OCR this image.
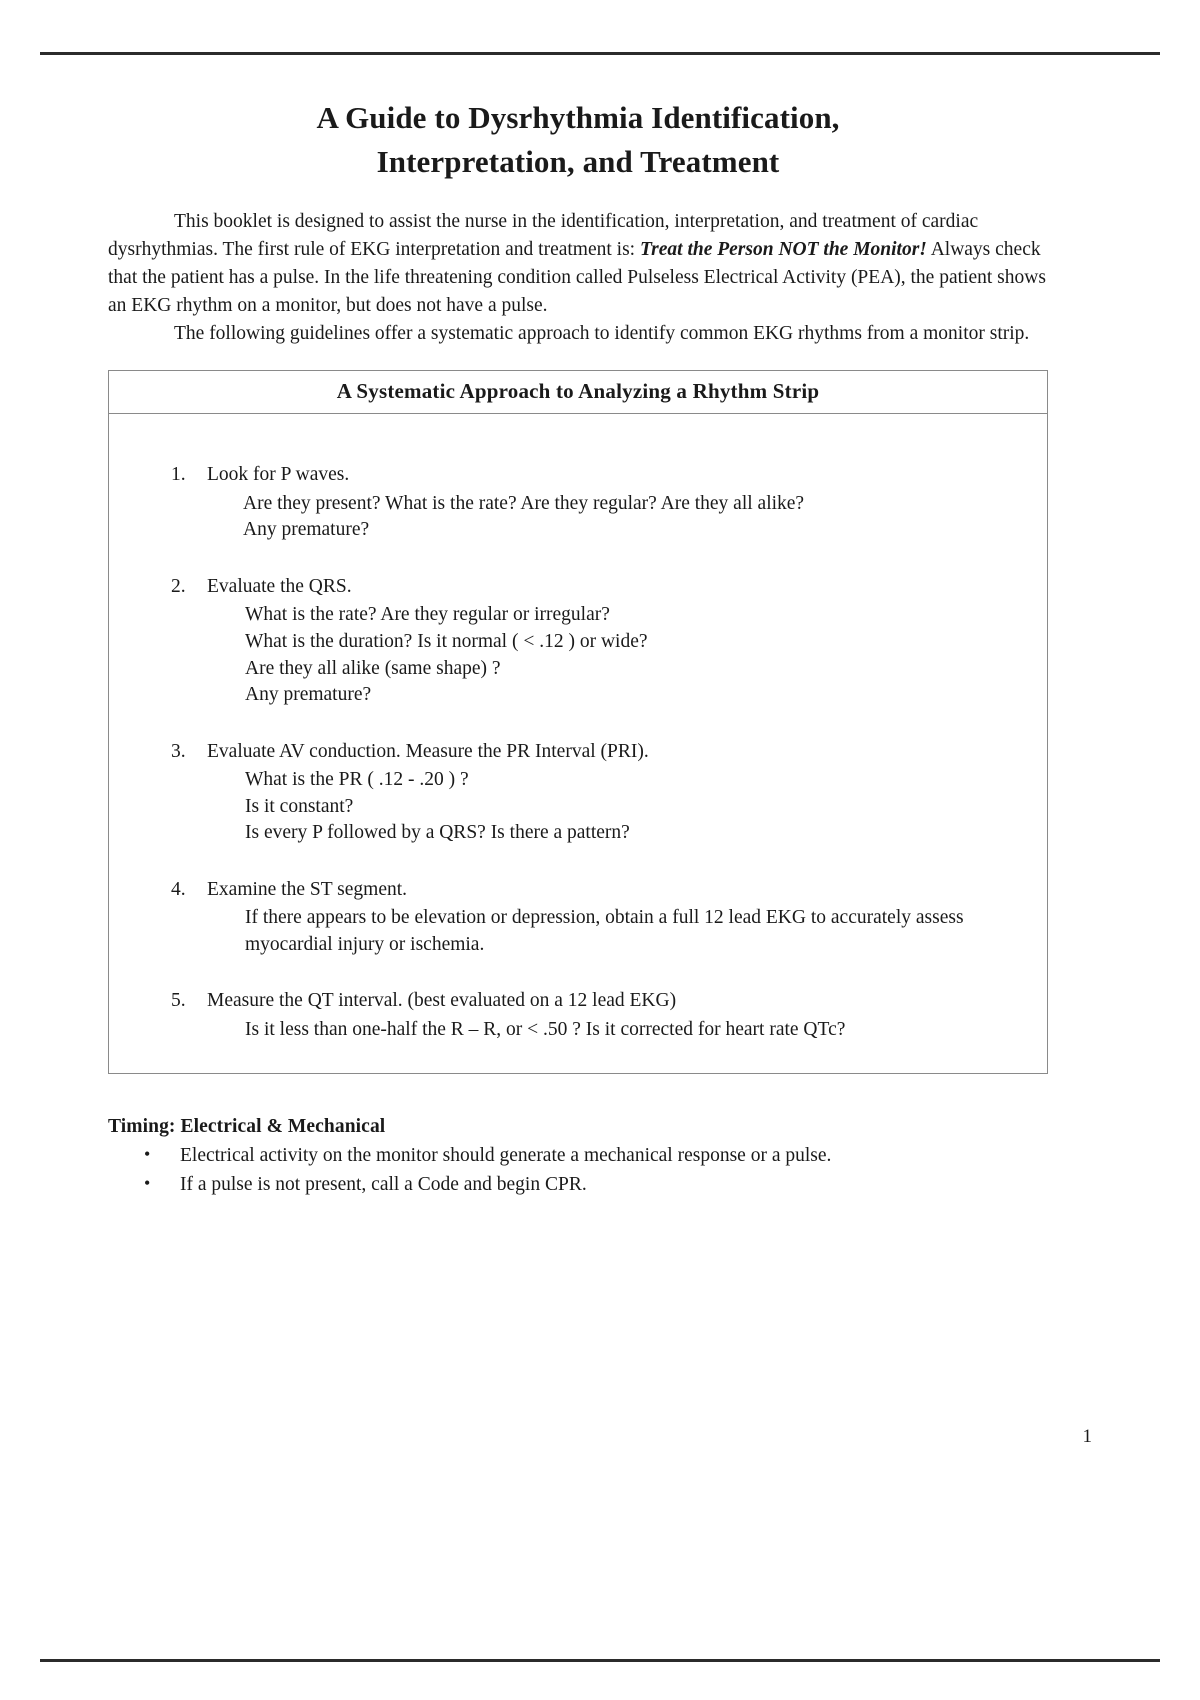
A Guide to Dysrhythmia Identification,
Interpretation, and Treatment

This booklet is designed to assist the nurse in the identification, interpretation, and treatment of cardiac dysrhythmias. The first rule of EKG interpretation and treatment is: Treat the Person NOT the Monitor! Always check that the patient has a pulse. In the life threatening condition called Pulseless Electrical Activity (PEA), the patient shows an EKG rhythm on a monitor, but does not have a pulse.

The following guidelines offer a systematic approach to identify common EKG rhythms from a monitor strip.

A Systematic Approach to Analyzing a Rhythm Strip
1.	Look for P waves.
Are they present? What is the rate? Are they regular? Are they all alike?
Any premature?
2.	Evaluate the QRS.
What is the rate? Are they regular or irregular?
What is the duration? Is it normal ( < .12 ) or wide?
Are they all alike (same shape) ?
Any premature?
3.	Evaluate AV conduction. Measure the PR Interval (PRI).
What is the PR ( .12 - .20 ) ?
Is it constant?
Is every P followed by a QRS? Is there a pattern?
4.	Examine the ST segment.
If there appears to be elevation or depression, obtain a full 12 lead EKG to accurately assess myocardial injury or ischemia.
5.	Measure the QT interval. (best evaluated on a 12 lead EKG)
Is it less than one-half the R – R, or < .50 ? Is it corrected for heart rate QTc?
Timing: Electrical & Mechanical
• Electrical activity on the monitor should generate a mechanical response or a pulse.
• If a pulse is not present, call a Code and begin CPR.
1
